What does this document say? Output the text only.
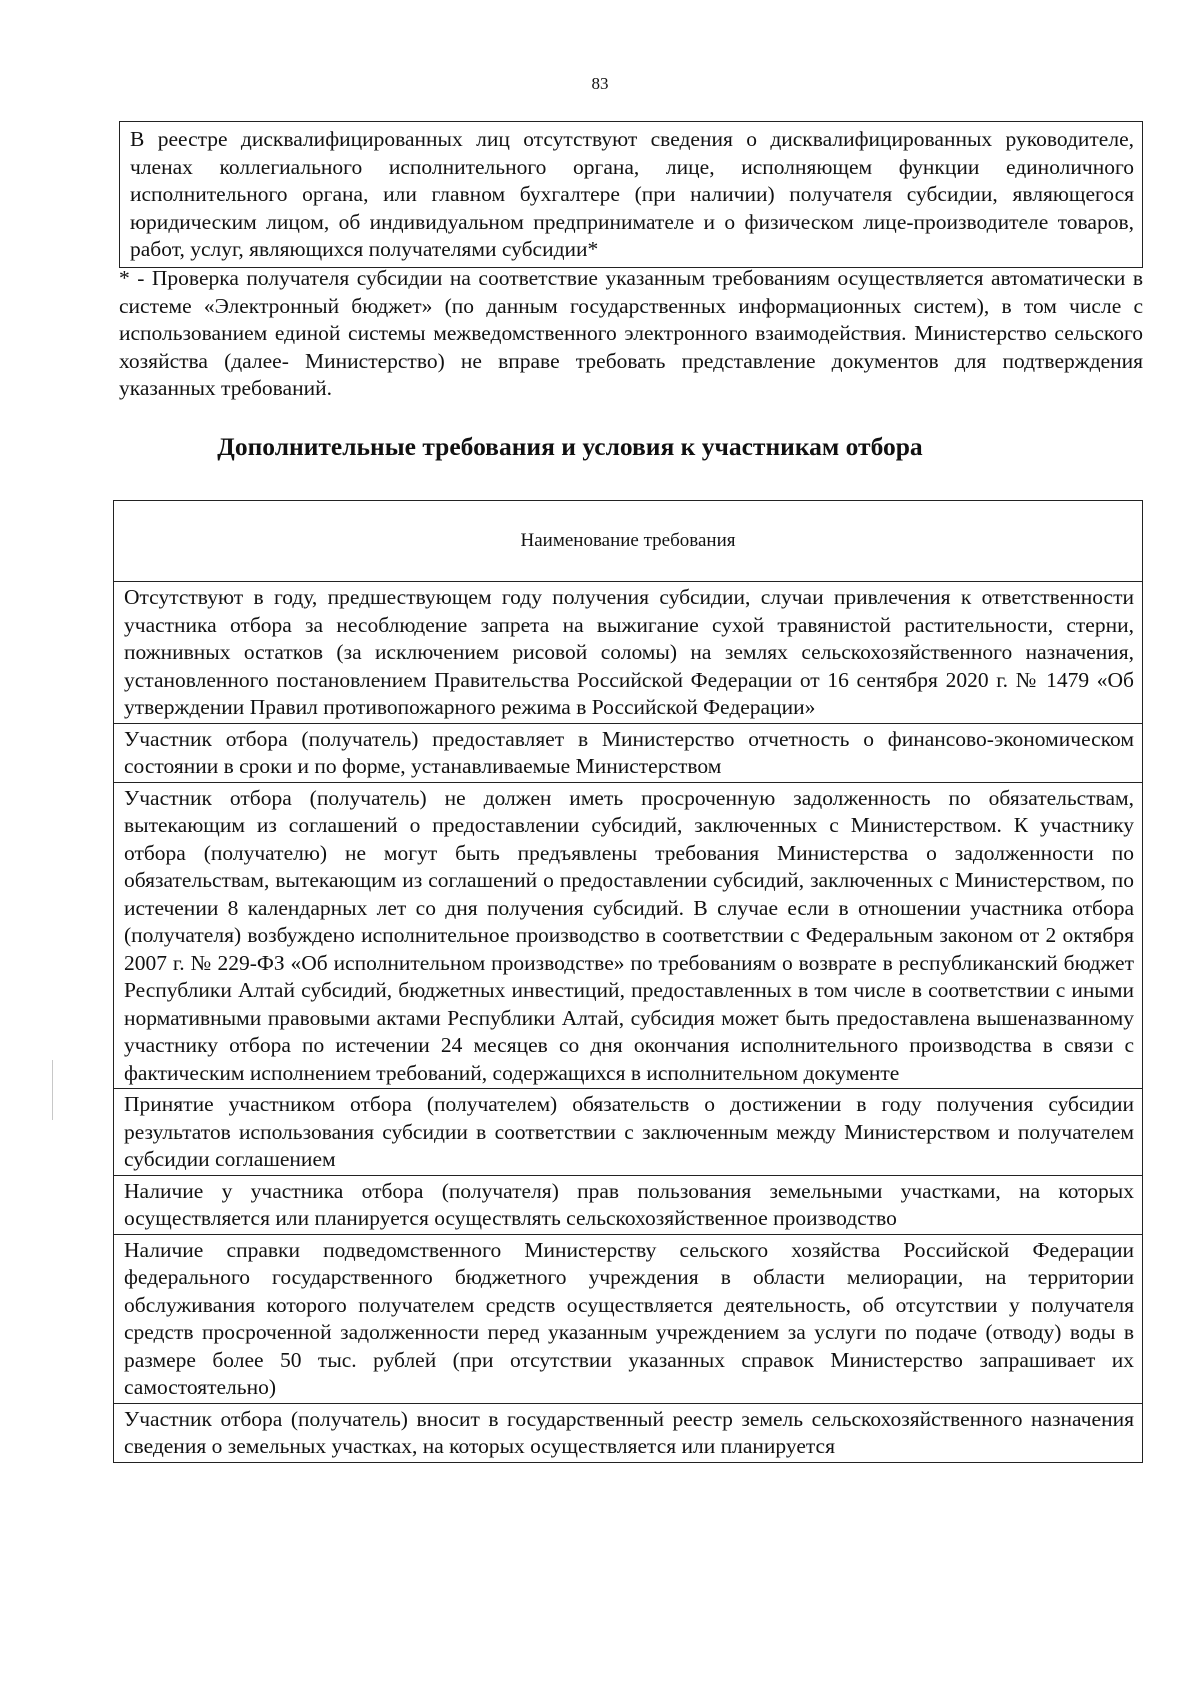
83
В реестре дисквалифицированных лиц отсутствуют сведения о дисквалифицированных руководителе, членах коллегиального исполнительного органа, лице, исполняющем функции единоличного исполнительного органа, или главном бухгалтере (при наличии) получателя субсидии, являющегося юридическим лицом, об индивидуальном предпринимателе и о физическом лице-производителе товаров, работ, услуг, являющихся получателями субсидии*
* - Проверка получателя субсидии на соответствие указанным требованиям осуществляется автоматически в системе «Электронный бюджет» (по данным государственных информационных систем), в том числе с использованием единой системы межведомственного электронного взаимодействия. Министерство сельского хозяйства (далее- Министерство) не вправе требовать представление документов для подтверждения указанных требований.
Дополнительные требования и условия к участникам отбора
Наименование требования
Отсутствуют в году, предшествующем году получения субсидии, случаи привлечения к ответственности участника отбора за несоблюдение запрета на выжигание сухой травянистой растительности, стерни, пожнивных остатков (за исключением рисовой соломы) на землях сельскохозяйственного назначения, установленного постановлением Правительства Российской Федерации от 16 сентября 2020 г. № 1479 «Об утверждении Правил противопожарного режима в Российской Федерации»
Участник отбора (получатель) предоставляет в Министерство отчетность о финансово-экономическом состоянии в сроки и по форме, устанавливаемые Министерством
Участник отбора (получатель) не должен иметь просроченную задолженность по обязательствам, вытекающим из соглашений о предоставлении субсидий, заключенных с Министерством. К участнику отбора (получателю) не могут быть предъявлены требования Министерства о задолженности по обязательствам, вытекающим из соглашений о предоставлении субсидий, заключенных с Министерством, по истечении 8 календарных лет со дня получения субсидий. В случае если в отношении участника отбора (получателя) возбуждено исполнительное производство в соответствии с Федеральным законом от 2 октября 2007 г. № 229-ФЗ «Об исполнительном производстве» по требованиям о возврате в республиканский бюджет Республики Алтай субсидий, бюджетных инвестиций, предоставленных в том числе в соответствии с иными нормативными правовыми актами Республики Алтай, субсидия может быть предоставлена вышеназванному участнику отбора по истечении 24 месяцев со дня окончания исполнительного производства в связи с фактическим исполнением требований, содержащихся в исполнительном документе
Принятие участником отбора (получателем) обязательств о достижении в году получения субсидии результатов использования субсидии в соответствии с заключенным между Министерством и получателем субсидии соглашением
Наличие у участника отбора (получателя) прав пользования земельными участками, на которых осуществляется или планируется осуществлять сельскохозяйственное производство
Наличие справки подведомственного Министерству сельского хозяйства Российской Федерации федерального государственного бюджетного учреждения в области мелиорации, на территории обслуживания которого получателем средств осуществляется деятельность, об отсутствии у получателя средств просроченной задолженности перед указанным учреждением за услуги по подаче (отводу) воды в размере более 50 тыс. рублей (при отсутствии указанных справок Министерство запрашивает их самостоятельно)
Участник отбора (получатель) вносит в государственный реестр земель сельскохозяйственного назначения сведения о земельных участках, на которых осуществляется или планируется
